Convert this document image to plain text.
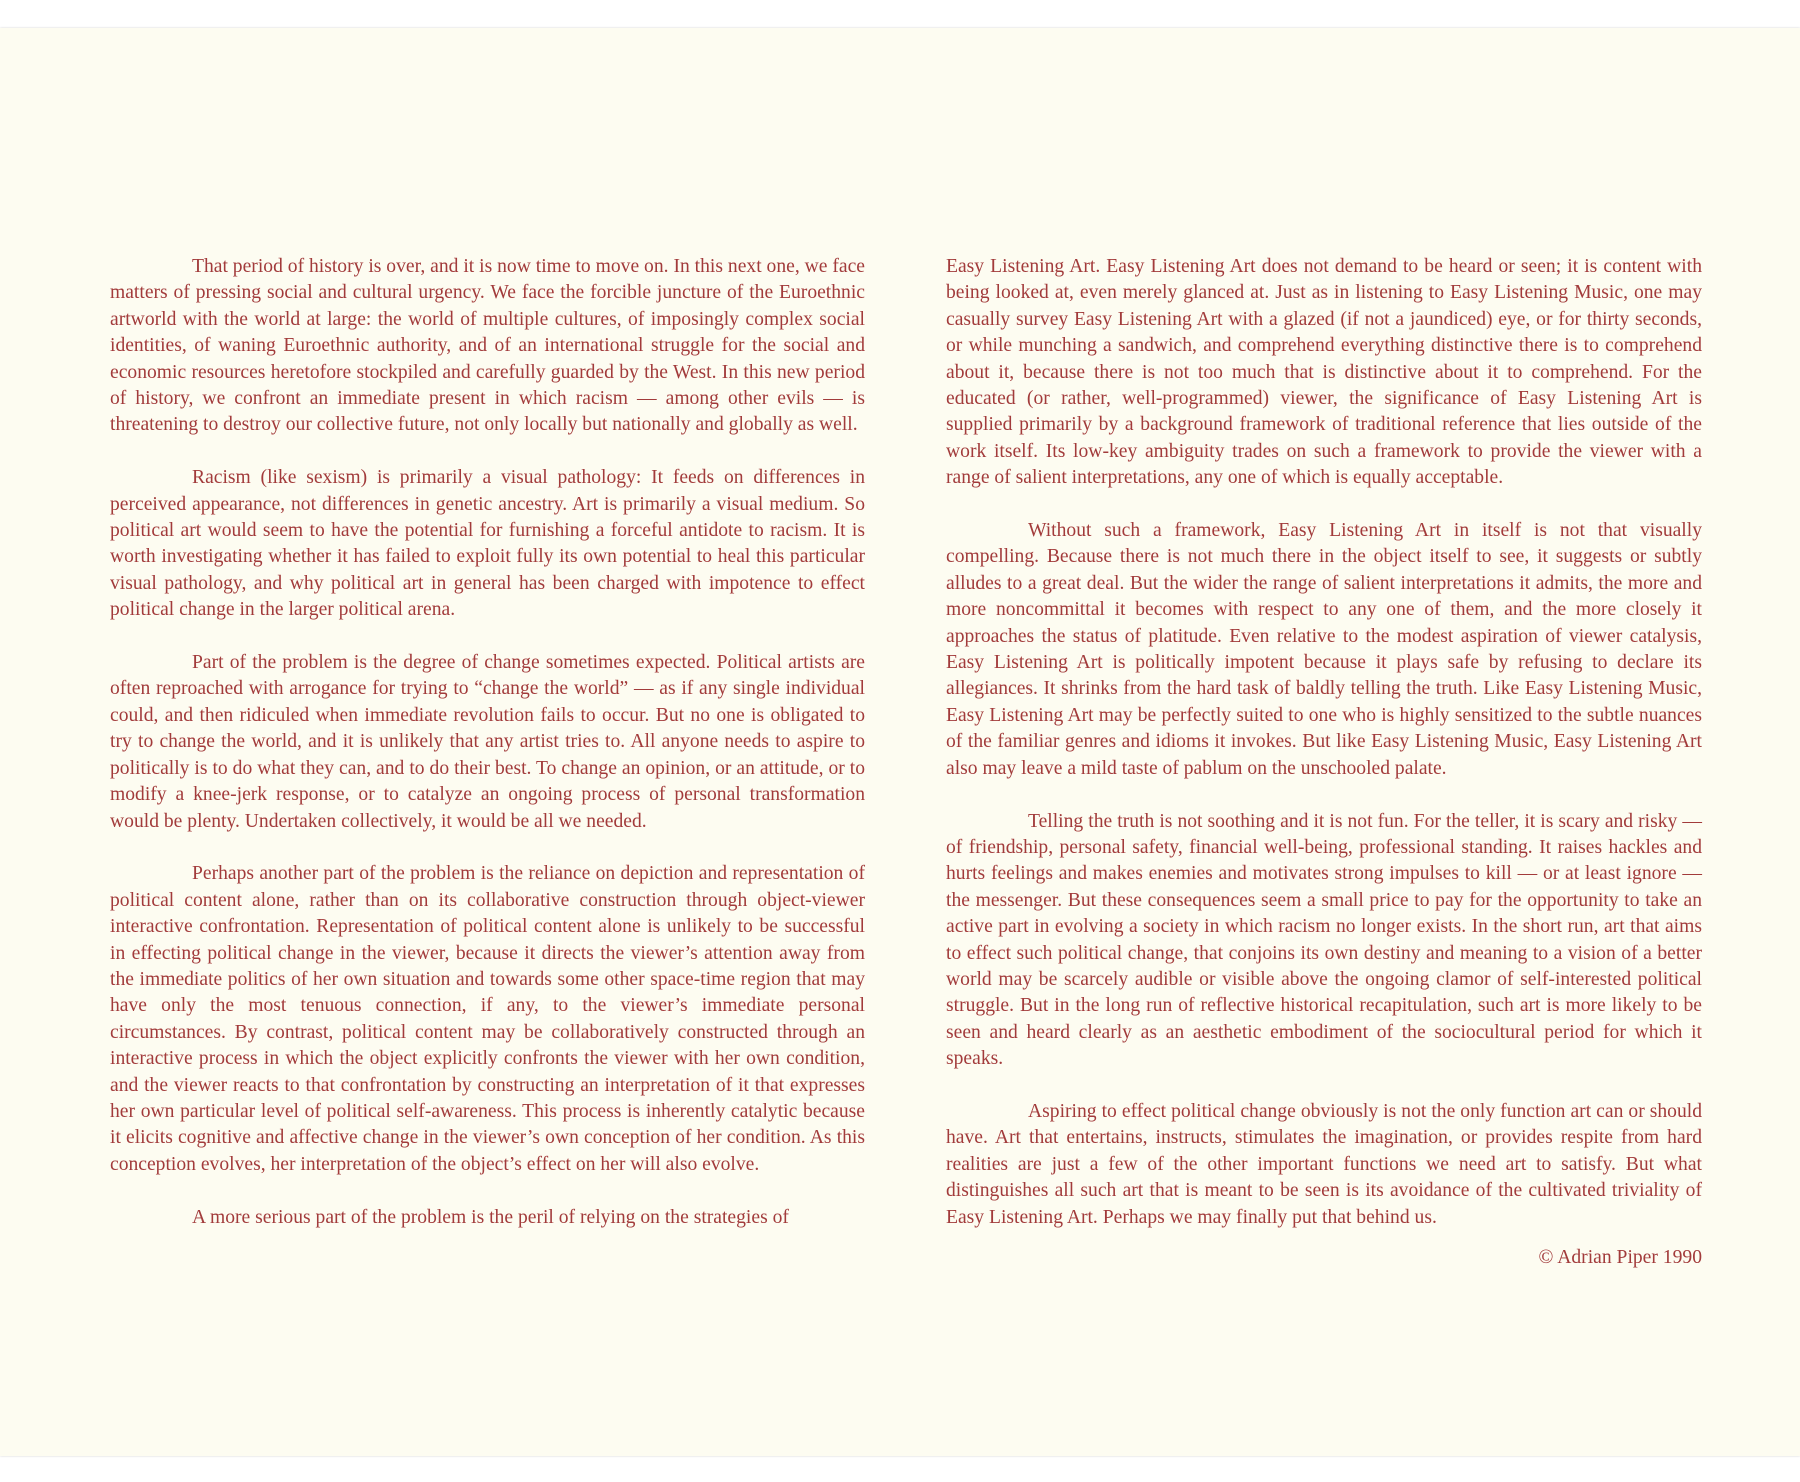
That period of history is over, and it is now time to move on. In this next one, we face matters of pressing social and cultural urgency. We face the forcible juncture of the Euroethnic artworld with the world at large: the world of multiple cultures, of imposingly complex social identities, of waning Euroethnic authority, and of an international struggle for the social and economic resources heretofore stockpiled and carefully guarded by the West. In this new period of history, we confront an immediate present in which racism — among other evils — is threatening to destroy our collective future, not only locally but nationally and globally as well.

Racism (like sexism) is primarily a visual pathology: It feeds on differences in perceived appearance, not differences in genetic ancestry. Art is primarily a visual medium. So political art would seem to have the potential for furnishing a forceful antidote to racism. It is worth investigating whether it has failed to exploit fully its own potential to heal this particular visual pathology, and why political art in general has been charged with impotence to effect political change in the larger political arena.

Part of the problem is the degree of change sometimes expected. Political artists are often reproached with arrogance for trying to “change the world” — as if any single individual could, and then ridiculed when immediate revolution fails to occur. But no one is obligated to try to change the world, and it is unlikely that any artist tries to. All anyone needs to aspire to politically is to do what they can, and to do their best. To change an opinion, or an attitude, or to modify a knee-jerk response, or to catalyze an ongoing process of personal transformation would be plenty. Undertaken collectively, it would be all we needed.

Perhaps another part of the problem is the reliance on depiction and representation of political content alone, rather than on its collaborative construction through object-viewer interactive confrontation. Representation of political content alone is unlikely to be successful in effecting political change in the viewer, because it directs the viewer’s attention away from the immediate politics of her own situation and towards some other space-time region that may have only the most tenuous connection, if any, to the viewer’s immediate personal circumstances. By contrast, political content may be collaboratively constructed through an interactive process in which the object explicitly confronts the viewer with her own condition, and the viewer reacts to that confrontation by constructing an interpretation of it that expresses her own particular level of political self-awareness. This process is inherently catalytic because it elicits cognitive and affective change in the viewer’s own conception of her condition. As this conception evolves, her interpretation of the object’s effect on her will also evolve.

A more serious part of the problem is the peril of relying on the strategies of

Easy Listening Art. Easy Listening Art does not demand to be heard or seen; it is content with being looked at, even merely glanced at. Just as in listening to Easy Listening Music, one may casually survey Easy Listening Art with a glazed (if not a jaundiced) eye, or for thirty seconds, or while munching a sandwich, and comprehend everything distinctive there is to comprehend about it, because there is not too much that is distinctive about it to comprehend. For the educated (or rather, well-programmed) viewer, the significance of Easy Listening Art is supplied primarily by a background framework of traditional reference that lies outside of the work itself. Its low-key ambiguity trades on such a framework to provide the viewer with a range of salient interpretations, any one of which is equally acceptable.

Without such a framework, Easy Listening Art in itself is not that visually compelling. Because there is not much there in the object itself to see, it suggests or subtly alludes to a great deal. But the wider the range of salient interpretations it admits, the more and more noncommittal it becomes with respect to any one of them, and the more closely it approaches the status of platitude. Even relative to the modest aspiration of viewer catalysis, Easy Listening Art is politically impotent because it plays safe by refusing to declare its allegiances. It shrinks from the hard task of baldly telling the truth. Like Easy Listening Music, Easy Listening Art may be perfectly suited to one who is highly sensitized to the subtle nuances of the familiar genres and idioms it invokes. But like Easy Listening Music, Easy Listening Art also may leave a mild taste of pablum on the unschooled palate.

Telling the truth is not soothing and it is not fun. For the teller, it is scary and risky — of friendship, personal safety, financial well-being, professional standing. It raises hackles and hurts feelings and makes enemies and motivates strong impulses to kill — or at least ignore — the messenger. But these consequences seem a small price to pay for the opportunity to take an active part in evolving a society in which racism no longer exists. In the short run, art that aims to effect such political change, that conjoins its own destiny and meaning to a vision of a better world may be scarcely audible or visible above the ongoing clamor of self-interested political struggle. But in the long run of reflective historical recapitulation, such art is more likely to be seen and heard clearly as an aesthetic embodiment of the sociocultural period for which it speaks.

Aspiring to effect political change obviously is not the only function art can or should have. Art that entertains, instructs, stimulates the imagination, or provides respite from hard realities are just a few of the other important functions we need art to satisfy. But what distinguishes all such art that is meant to be seen is its avoidance of the cultivated triviality of Easy Listening Art. Perhaps we may finally put that behind us.

© Adrian Piper 1990
